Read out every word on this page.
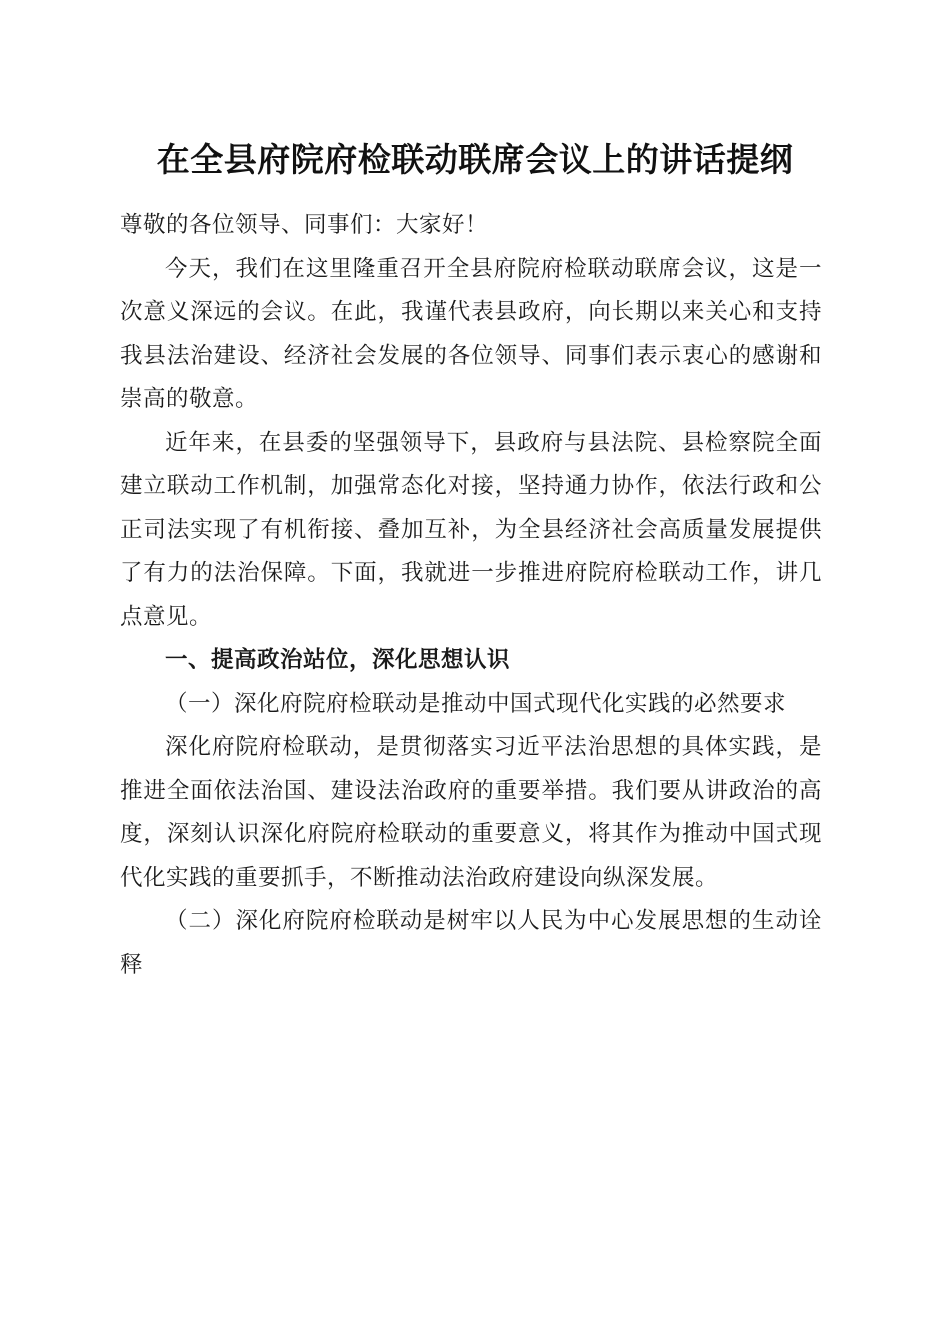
在全县府院府检联动联席会议上的讲话提纲

尊敬的各位领导、同事们：大家好！

今天，我们在这里隆重召开全县府院府检联动联席会议，这是一次意义深远的会议。在此，我谨代表县政府，向长期以来关心和支持我县法治建设、经济社会发展的各位领导、同事们表示衷心的感谢和崇高的敬意。

近年来，在县委的坚强领导下，县政府与县法院、县检察院全面建立联动工作机制，加强常态化对接，坚持通力协作，依法行政和公正司法实现了有机衔接、叠加互补，为全县经济社会高质量发展提供了有力的法治保障。下面，我就进一步推进府院府检联动工作，讲几点意见。

一、提高政治站位，深化思想认识

（一）深化府院府检联动是推动中国式现代化实践的必然要求

深化府院府检联动，是贯彻落实习近平法治思想的具体实践，是推进全面依法治国、建设法治政府的重要举措。我们要从讲政治的高度，深刻认识深化府院府检联动的重要意义，将其作为推动中国式现代化实践的重要抓手，不断推动法治政府建设向纵深发展。

（二）深化府院府检联动是树牢以人民为中心发展思想的生动诠释
